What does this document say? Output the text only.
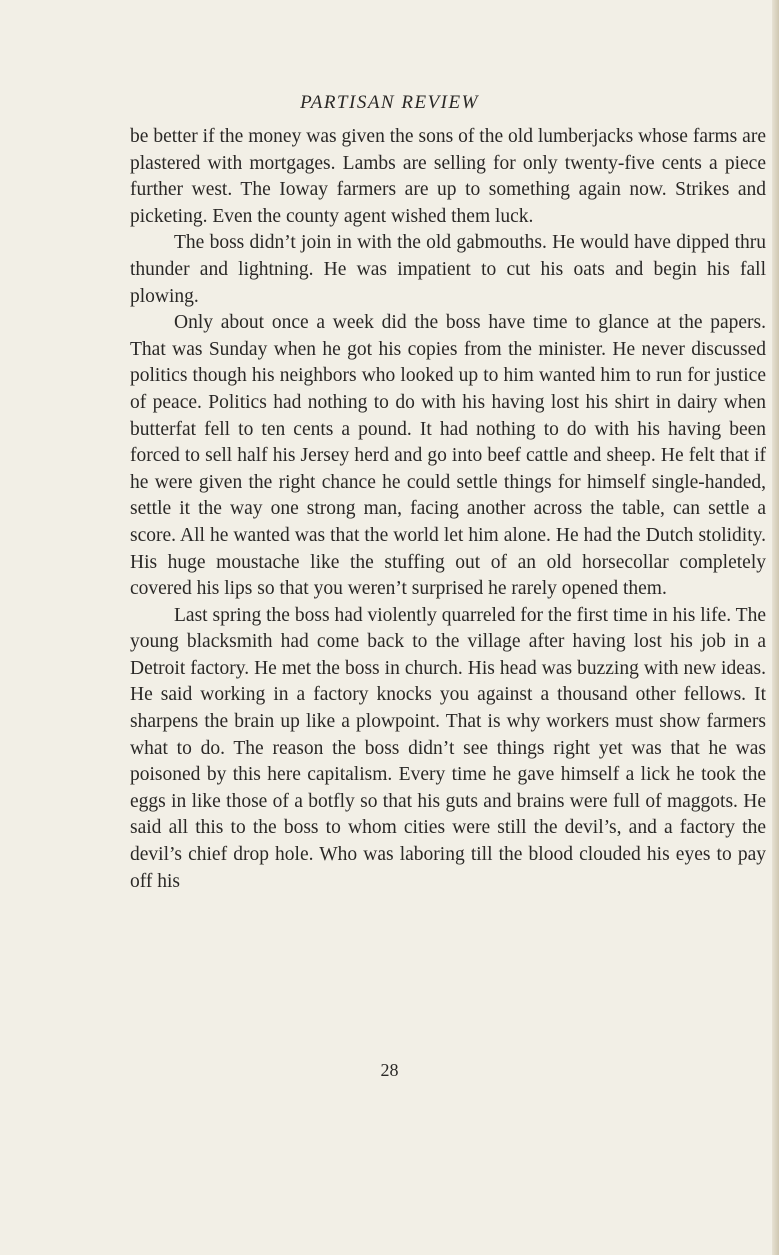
PARTISAN REVIEW

be better if the money was given the sons of the old lumberjacks whose farms are plastered with mortgages. Lambs are selling for only twenty-five cents a piece further west. The Ioway farmers are up to something again now. Strikes and picketing. Even the county agent wished them luck.

The boss didn’t join in with the old gabmouths. He would have dipped thru thunder and lightning. He was impatient to cut his oats and begin his fall plowing.

Only about once a week did the boss have time to glance at the papers. That was Sunday when he got his copies from the minister. He never discussed politics though his neighbors who looked up to him wanted him to run for justice of peace. Politics had nothing to do with his having lost his shirt in dairy when butterfat fell to ten cents a pound. It had nothing to do with his having been forced to sell half his Jersey herd and go into beef cattle and sheep. He felt that if he were given the right chance he could settle things for himself single-handed, settle it the way one strong man, facing another across the table, can settle a score. All he wanted was that the world let him alone. He had the Dutch stolidity. His huge moustache like the stuffing out of an old horsecollar completely covered his lips so that you weren’t surprised he rarely opened them.

Last spring the boss had violently quarreled for the first time in his life. The young blacksmith had come back to the village after having lost his job in a Detroit factory. He met the boss in church. His head was buzzing with new ideas. He said working in a factory knocks you against a thousand other fellows. It sharpens the brain up like a plowpoint. That is why workers must show farmers what to do. The reason the boss didn’t see things right yet was that he was poisoned by this here capitalism. Every time he gave himself a lick he took the eggs in like those of a botfly so that his guts and brains were full of maggots. He said all this to the boss to whom cities were still the devil’s, and a factory the devil’s chief drop hole. Who was laboring till the blood clouded his eyes to pay off his

28
